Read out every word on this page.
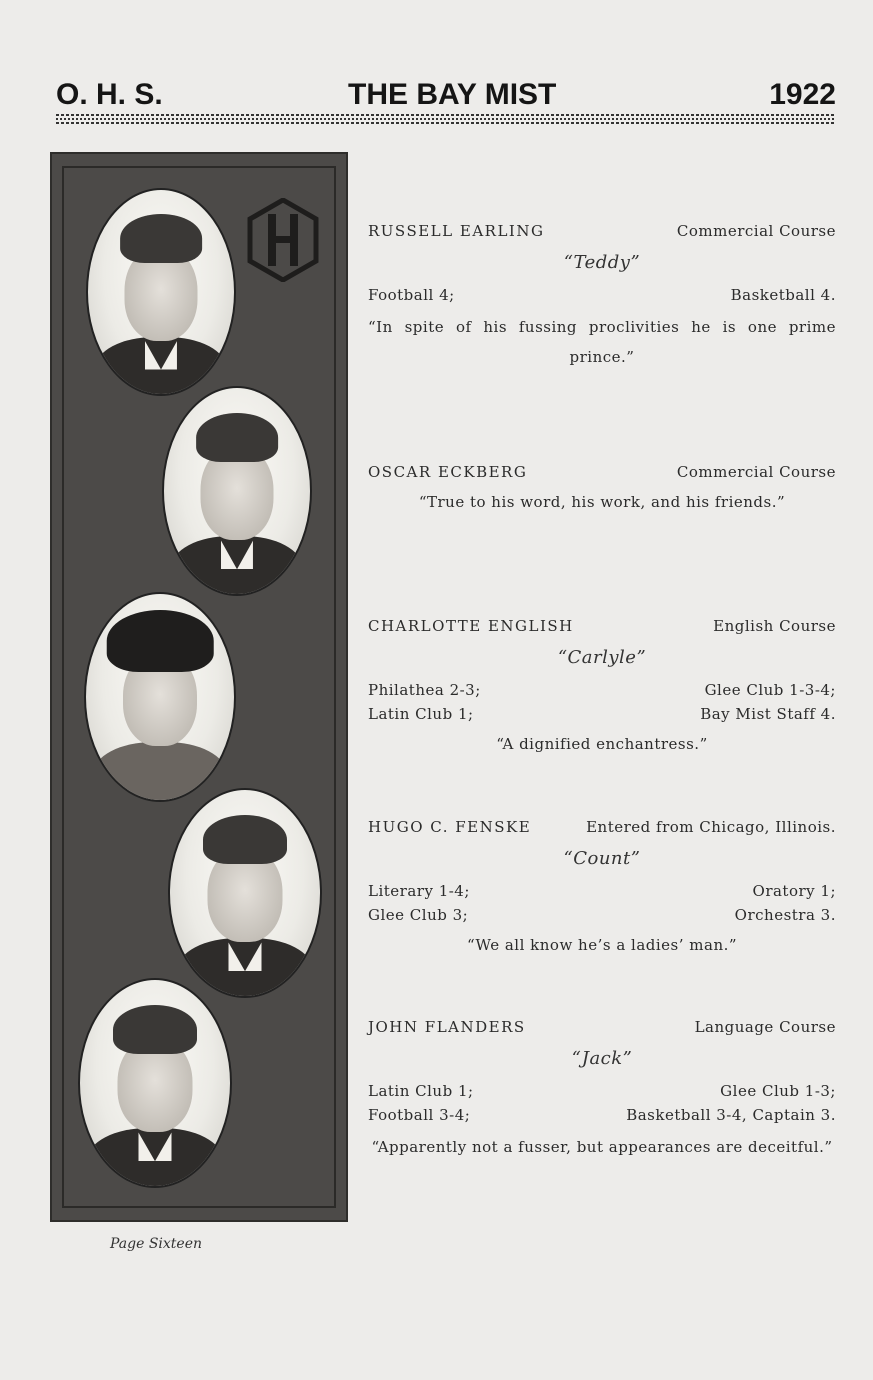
O. H. S.	THE BAY MIST	1922
RUSSELL EARLING	Commercial Course
“Teddy”
Football 4;	Basketball 4.
“In spite of his fussing proclivities he is one prime prince.”
OSCAR ECKBERG	Commercial Course
“True to his word, his work, and his friends.”
CHARLOTTE ENGLISH	English Course
“Carlyle”
Philathea 2-3;	Glee Club 1-3-4;
Latin Club 1;	Bay Mist Staff 4.
“A dignified enchantress.”
HUGO C. FENSKE	Entered from Chicago, Illinois.
“Count”
Literary 1-4;	Oratory 1;
Glee Club 3;	Orchestra 3.
“We all know he’s a ladies’ man.”
JOHN FLANDERS	Language Course
“Jack”
Latin Club 1;	Glee Club 1-3;
Football 3-4;	Basketball 3-4, Captain 3.
“Apparently not a fusser, but appearances are deceitful.”
Page Sixteen
